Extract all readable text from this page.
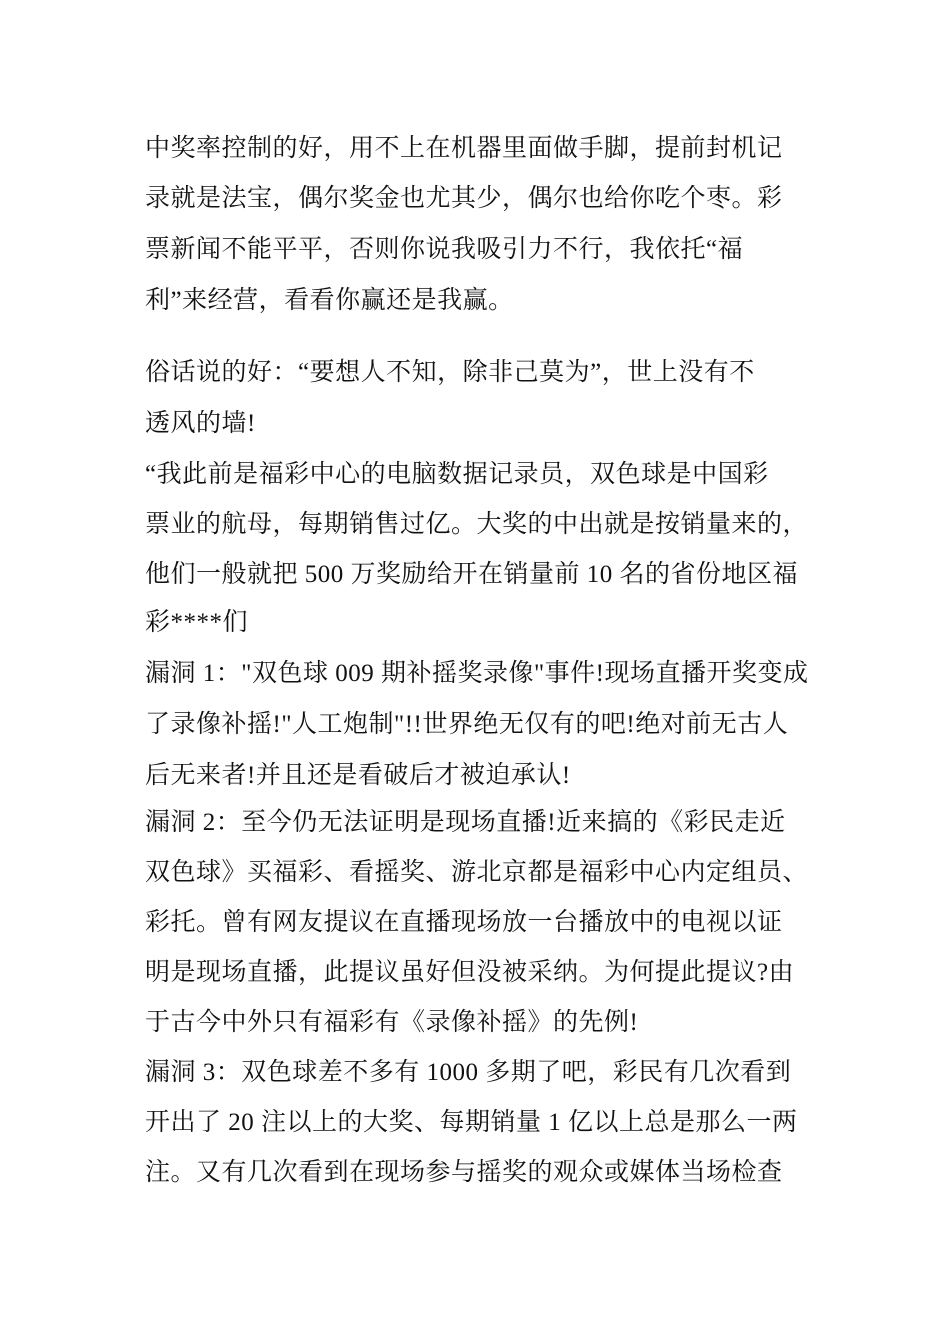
中奖率控制的好，用不上在机器里面做手脚，提前封机记
录就是法宝，偶尔奖金也尤其少，偶尔也给你吃个枣。彩
票新闻不能平平，否则你说我吸引力不行，我依托“福
利”来经营，看看你赢还是我赢。
俗话说的好：“要想人不知，除非己莫为”，世上没有不
透风的墙!
“我此前是福彩中心的电脑数据记录员，双色球是中国彩
票业的航母，每期销售过亿。大奖的中出就是按销量来的，
他们一般就把 500 万奖励给开在销量前 10 名的省份地区福
彩****们
漏洞 1："双色球 009 期补摇奖录像"事件!现场直播开奖变成
了录像补摇!"人工炮制"!!世界绝无仅有的吧!绝对前无古人
后无来者!并且还是看破后才被迫承认!
漏洞 2：至今仍无法证明是现场直播!近来搞的《彩民走近
双色球》买福彩、看摇奖、游北京都是福彩中心内定组员、
彩托。曾有网友提议在直播现场放一台播放中的电视以证
明是现场直播，此提议虽好但没被采纳。为何提此提议?由
于古今中外只有福彩有《录像补摇》的先例!
漏洞 3：双色球差不多有 1000 多期了吧，彩民有几次看到
开出了 20 注以上的大奖、每期销量 1 亿以上总是那么一两
注。又有几次看到在现场参与摇奖的观众或媒体当场检查
